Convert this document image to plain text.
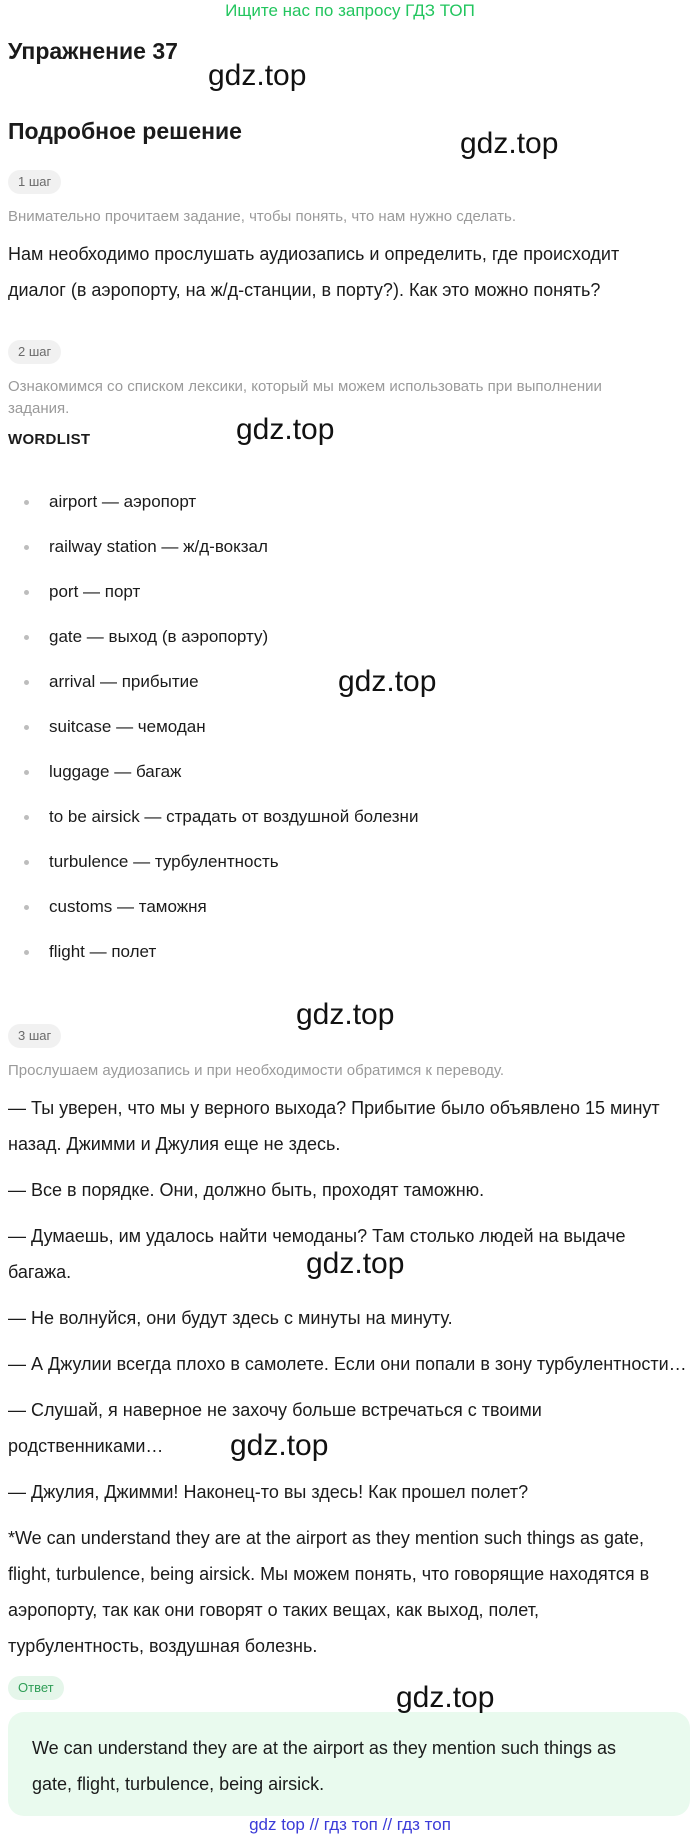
Ищите нас по запросу ГДЗ ТОП
Упражнение 37
gdz.top
Подробное решение	gdz.top
1 шаг
Внимательно прочитаем задание, чтобы понять, что нам нужно сделать.
Нам необходимо прослушать аудиозапись и определить, где происходит
диалог (в аэропорту, на ж/д-станции, в порту?). Как это можно понять?
2 шаг
Ознакомимся со списком лексики, который мы можем использовать при выполнении
задания.
WORDLIST	gdz.top
airport — аэропорт
railway station — ж/д-вокзал
port — порт
gate — выход (в аэропорту)
arrival — прибытие	gdz.top
suitcase — чемодан
luggage — багаж
to be airsick — страдать от воздушной болезни
turbulence — турбулентность
customs — таможня
flight — полет
gdz.top
3 шаг
Прослушаем аудиозапись и при необходимости обратимся к переводу.
— Ты уверен, что мы у верного выхода? Прибытие было объявлено 15 минут
назад. Джимми и Джулия еще не здесь.
— Все в порядке. Они, должно быть, проходят таможню.
— Думаешь, им удалось найти чемоданы? Там столько людей на выдаче
багажа.	gdz.top
— Не волнуйся, они будут здесь с минуты на минуту.
— А Джулии всегда плохо в самолете. Если они попали в зону турбулентности…
— Слушай, я наверное не захочу больше встречаться с твоими
родственниками…	gdz.top
— Джулия, Джимми! Наконец-то вы здесь! Как прошел полет?
*We can understand they are at the airport as they mention such things as gate,
flight, turbulence, being airsick. Мы можем понять, что говорящие находятся в
аэропорту, так как они говорят о таких вещах, как выход, полет,
турбулентность, воздушная болезнь.
Ответ	gdz.top
We can understand they are at the airport as they mention such things as
gate, flight, turbulence, being airsick.
gdz top // гдз топ // гдз топ
